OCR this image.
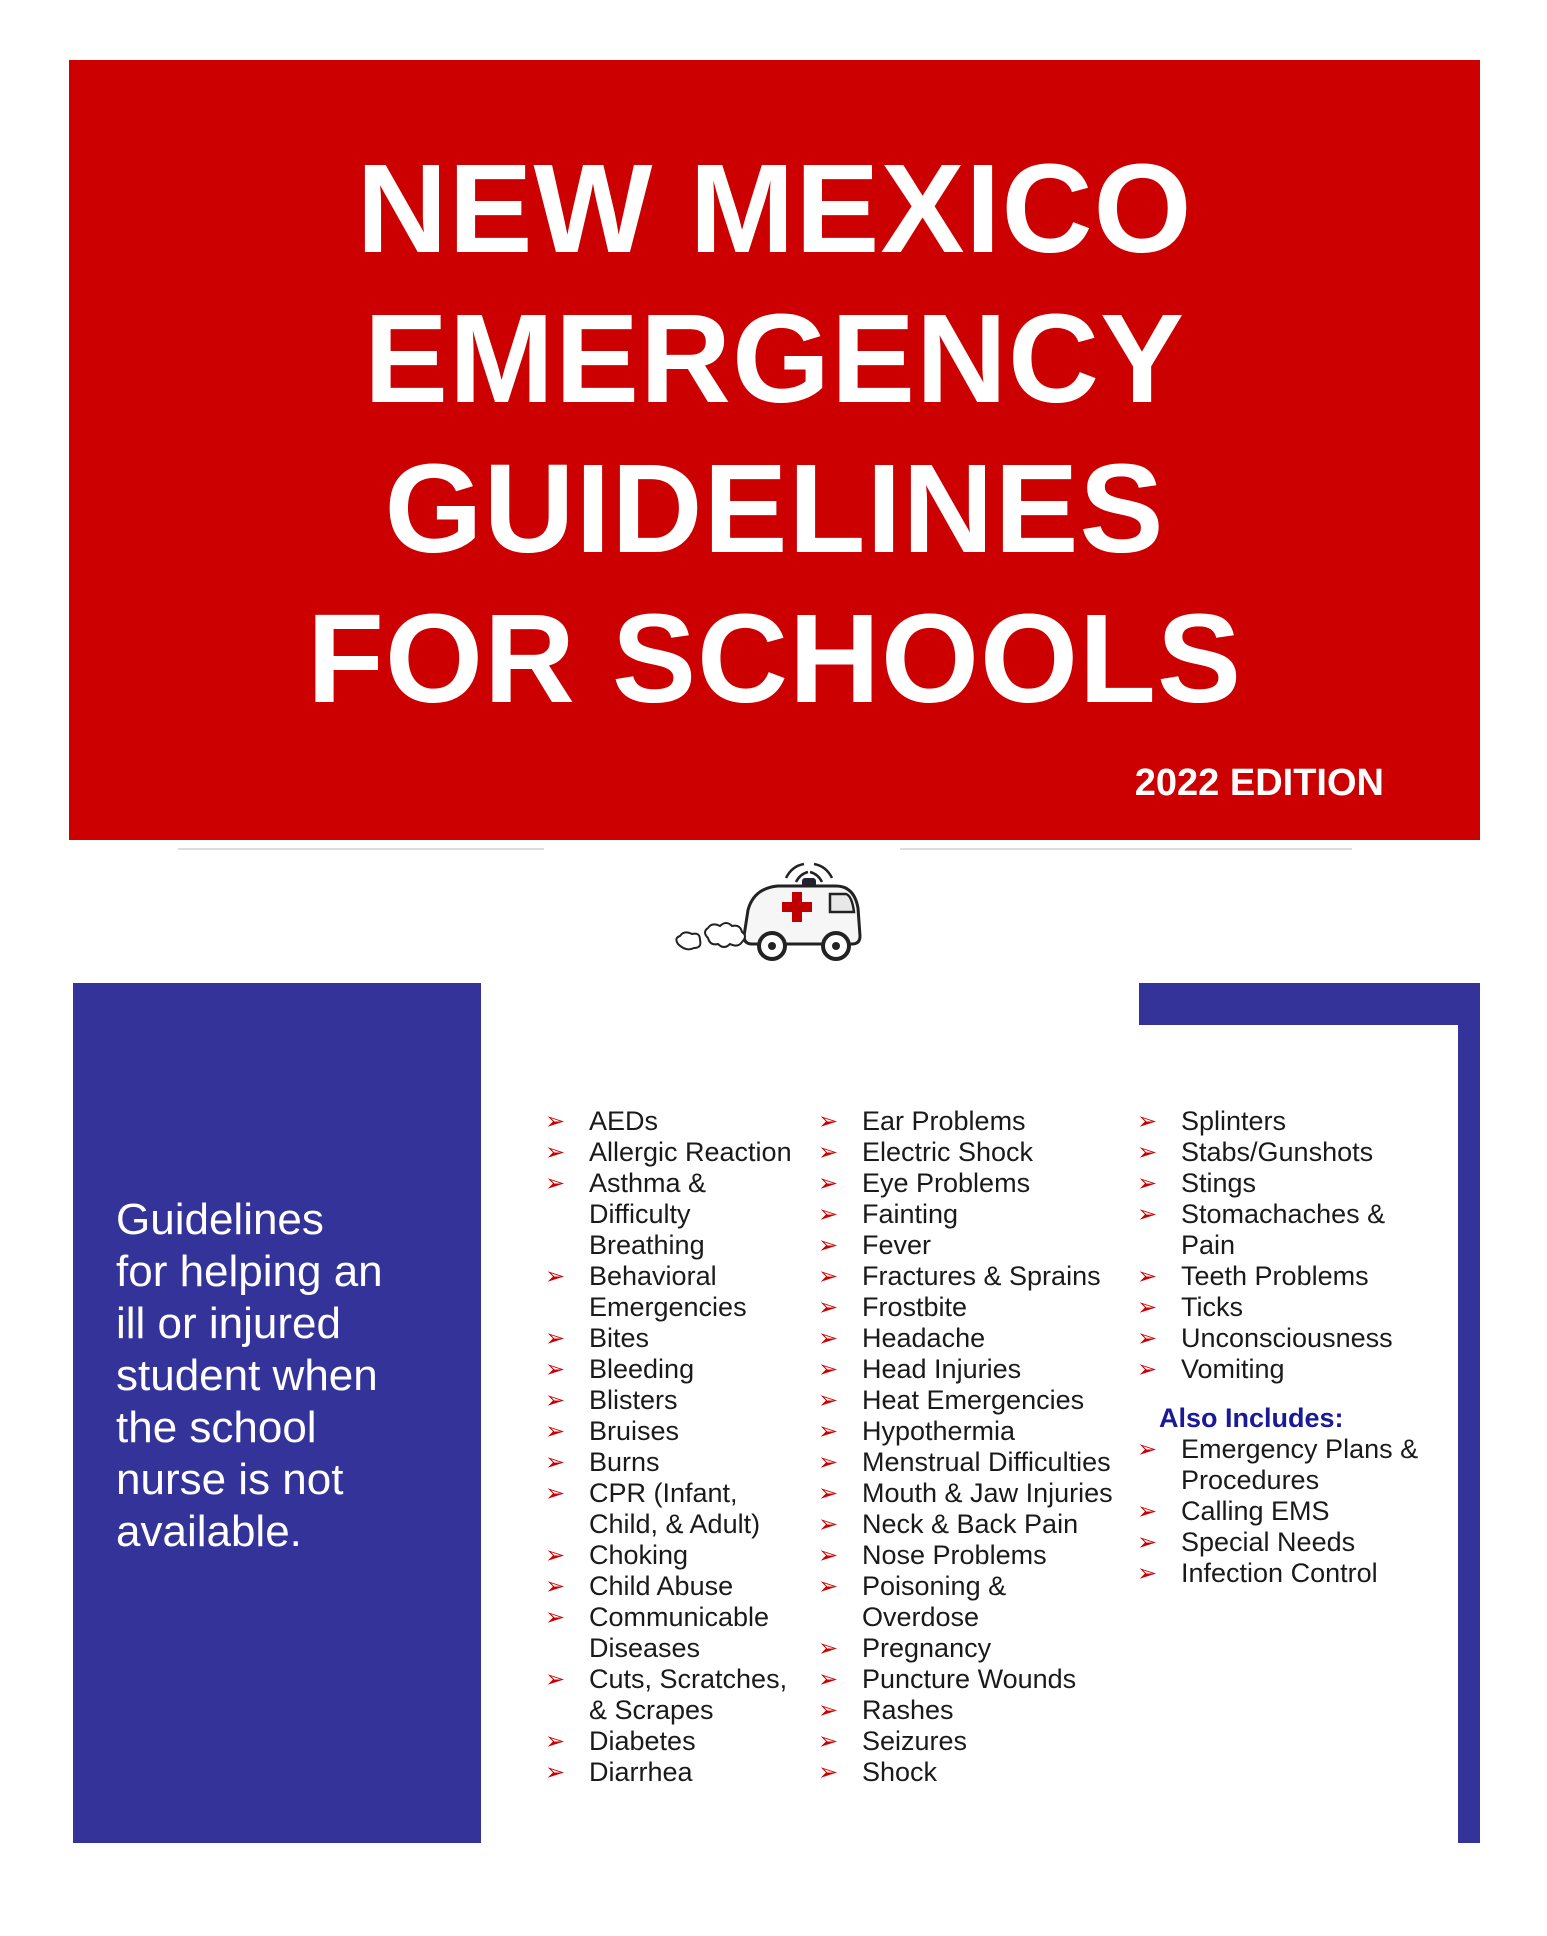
NEW MEXICO
EMERGENCY
GUIDELINES
FOR SCHOOLS
2022 EDITION

Guidelines
for helping an
ill or injured
student when
the school
nurse is not
available.

➢ AEDs
➢ Allergic Reaction
➢ Asthma &
Difficulty
Breathing
➢ Behavioral
Emergencies
➢ Bites
➢ Bleeding
➢ Blisters
➢ Bruises
➢ Burns
➢ CPR (Infant,
Child, & Adult)
➢ Choking
➢ Child Abuse
➢ Communicable
Diseases
➢ Cuts, Scratches,
& Scrapes
➢ Diabetes
➢ Diarrhea
➢ Ear Problems
➢ Electric Shock
➢ Eye Problems
➢ Fainting
➢ Fever
➢ Fractures & Sprains
➢ Frostbite
➢ Headache
➢ Head Injuries
➢ Heat Emergencies
➢ Hypothermia
➢ Menstrual Difficulties
➢ Mouth & Jaw Injuries
➢ Neck & Back Pain
➢ Nose Problems
➢ Poisoning &
Overdose
➢ Pregnancy
➢ Puncture Wounds
➢ Rashes
➢ Seizures
➢ Shock
➢ Splinters
➢ Stabs/Gunshots
➢ Stings
➢ Stomachaches &
Pain
➢ Teeth Problems
➢ Ticks
➢ Unconsciousness
➢ Vomiting
Also Includes:
➢ Emergency Plans &
Procedures
➢ Calling EMS
➢ Special Needs
➢ Infection Control
